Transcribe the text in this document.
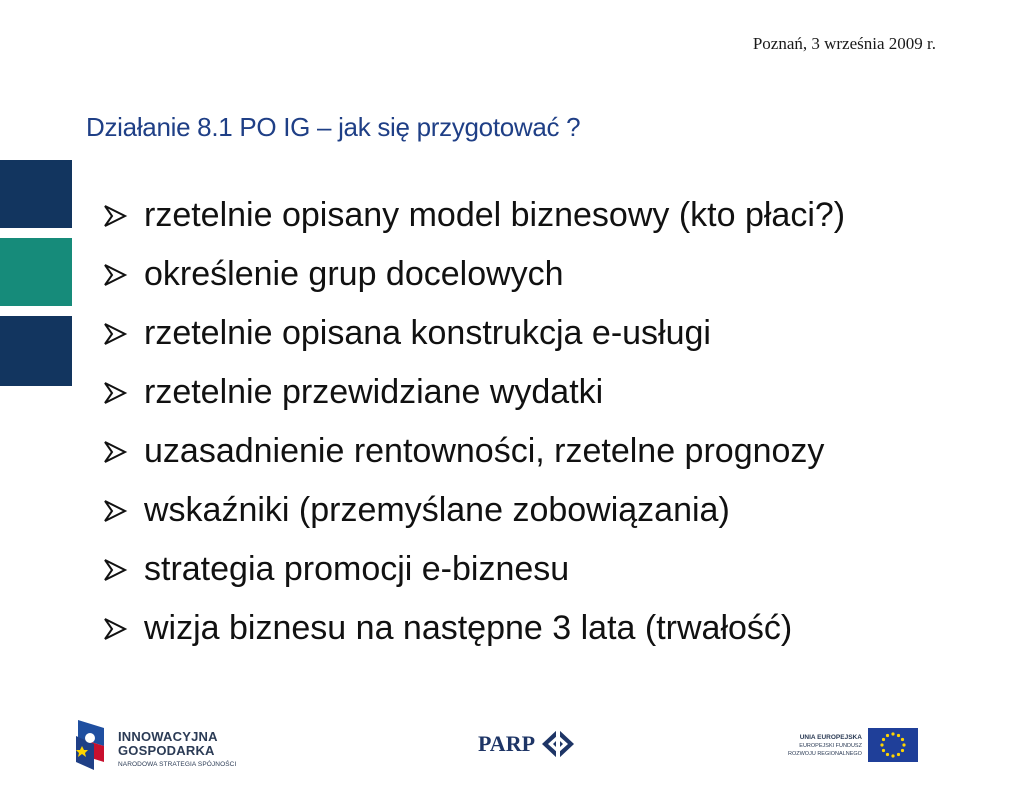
Poznań, 3 września 2009 r.
Działanie 8.1 PO IG – jak się przygotować ?
rzetelnie opisany model biznesowy (kto płaci?)
określenie grup docelowych
rzetelnie opisana konstrukcja e-usługi
rzetelnie przewidziane wydatki
uzasadnienie rentowności, rzetelne prognozy
wskaźniki (przemyślane zobowiązania)
strategia promocji e-biznesu
wizja biznesu na następne 3 lata (trwałość)
INNOWACYJNA
GOSPODARKA
NARODOWA STRATEGIA SPÓJNOŚCI
PARP	UNIA EUROPEJSKA
EUROPEJSKI FUNDUSZ
ROZWOJU REGIONALNEGO
